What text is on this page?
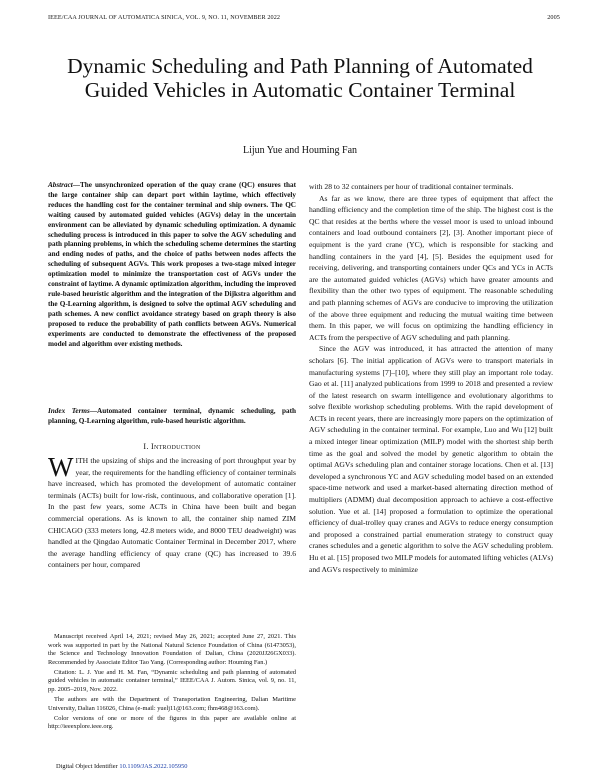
IEEE/CAA JOURNAL OF AUTOMATICA SINICA, VOL. 9, NO. 11, NOVEMBER 2022	2005
Dynamic Scheduling and Path Planning of Automated Guided Vehicles in Automatic Container Terminal
Lijun Yue and Houming Fan
Abstract—The unsynchronized operation of the quay crane (QC) ensures that the large container ship can depart port within laytime, which effectively reduces the handling cost for the container terminal and ship owners. The QC waiting caused by automated guided vehicles (AGVs) delay in the uncertain environment can be alleviated by dynamic scheduling optimization. A dynamic scheduling process is introduced in this paper to solve the AGV scheduling and path planning problems, in which the scheduling scheme determines the starting and ending nodes of paths, and the choice of paths between nodes affects the scheduling of subsequent AGVs. This work proposes a two-stage mixed integer optimization model to minimize the transportation cost of AGVs under the constraint of laytime. A dynamic optimization algorithm, including the improved rule-based heuristic algorithm and the integration of the Dijkstra algorithm and the Q-Learning algorithm, is designed to solve the optimal AGV scheduling and path schemes. A new conflict avoidance strategy based on graph theory is also proposed to reduce the probability of path conflicts between AGVs. Numerical experiments are conducted to demonstrate the effectiveness of the proposed model and algorithm over existing methods.
Index Terms—Automated container terminal, dynamic scheduling, path planning, Q-Learning algorithm, rule-based heuristic algorithm.
I. Introduction
WITH the upsizing of ships and the increasing of port throughput year by year, the requirements for the handling efficiency of container terminals have increased, which has promoted the development of automatic container terminals (ACTs) built for low-risk, continuous, and collaborative operation [1]. In the past few years, some ACTs in China have been built and began commercial operations. As is known to all, the container ship named ZIM CHICAGO (333 meters long, 42.8 meters wide, and 8000 TEU deadweight) was handled at the Qingdao Automatic Container Terminal in December 2017, where the average handling efficiency of quay crane (QC) has increased to 39.6 containers per hour, compared

Manuscript received April 14, 2021; revised May 26, 2021; accepted June 27, 2021. This work was supported in part by the National Natural Science Foundation of China (61473053), the Science and Technology Innovation Foundation of Dalian, China (2020JJ26GX033). Recommended by Associate Editor Tao Yang. (Corresponding author: Houming Fan.)

Citation: L. J. Yue and H. M. Fan, “Dynamic scheduling and path planning of automated guided vehicles in automatic container terminal,” IEEE/CAA J. Autom. Sinica, vol. 9, no. 11, pp. 2005–2019, Nov. 2022.

The authors are with the Department of Transportation Engineering, Dalian Maritime University, Dalian 116026, China (e-mail: yuelj11@163.com; fhm468@163.com).

Color versions of one or more of the figures in this paper are available online at http://ieeexplore.ieee.org.

Digital Object Identifier 10.1109/JAS.2022.105950

with 28 to 32 containers per hour of traditional container terminals.

As far as we know, there are three types of equipment that affect the handling efficiency and the completion time of the ship. The highest cost is the QC that resides at the berths where the vessel moor is used to unload inbound containers and load outbound containers [2], [3]. Another important piece of equipment is the yard crane (YC), which is responsible for stacking and handling containers in the yard [4], [5]. Besides the equipment used for receiving, delivering, and transporting containers under QCs and YCs in ACTs are the automated guided vehicles (AGVs) which have greater amounts and flexibility than the other two types of equipment. The reasonable scheduling and path planning schemes of AGVs are conducive to improving the utilization of the above three equipment and reducing the mutual waiting time between them. In this paper, we will focus on optimizing the handling efficiency in ACTs from the perspective of AGV scheduling and path planning.

Since the AGV was introduced, it has attracted the attention of many scholars [6]. The initial application of AGVs were to transport materials in manufacturing systems [7]–[10], where they still play an important role today. Gao et al. [11] analyzed publications from 1999 to 2018 and presented a review of the latest research on swarm intelligence and evolutionary algorithms to solve flexible workshop scheduling problems. With the rapid development of ACTs in recent years, there are increasingly more papers on the optimization of AGV scheduling in the container terminal. For example, Luo and Wu [12] built a mixed integer linear optimization (MILP) model with the shortest ship berth time as the goal and solved the model by genetic algorithm to obtain the optimal AGVs scheduling plan and container storage locations. Chen et al. [13] developed a synchronous YC and AGV scheduling model based on an extended space-time network and used a market-based alternating direction method of multipliers (ADMM) dual decomposition approach to achieve a cost-effective solution. Yue et al. [14] proposed a formulation to optimize the operational efficiency of dual-trolley quay cranes and AGVs to reduce energy consumption and proposed a constrained partial enumeration strategy to construct quay cranes schedules and a genetic algorithm to solve the AGV scheduling problem. Hu et al. [15] proposed two MILP models for automated lifting vehicles (ALVs) and AGVs respectively to minimize
